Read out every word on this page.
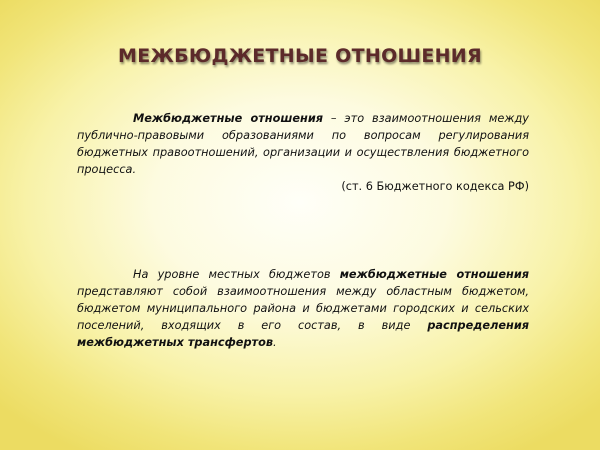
МЕЖБЮДЖЕТНЫЕ ОТНОШЕНИЯ

Межбюджетные отношения – это взаимоотношения между публично-правовыми образованиями по вопросам регулирования бюджетных правоотношений, организации и осуществления бюджетного процесса.

(ст. 6 Бюджетного кодекса РФ)

На уровне местных бюджетов межбюджетные отношения представляют собой взаимоотношения между областным бюджетом, бюджетом муниципального района и бюджетами городских и сельских поселений, входящих в его состав, в виде распределения межбюджетных трансфертов.
